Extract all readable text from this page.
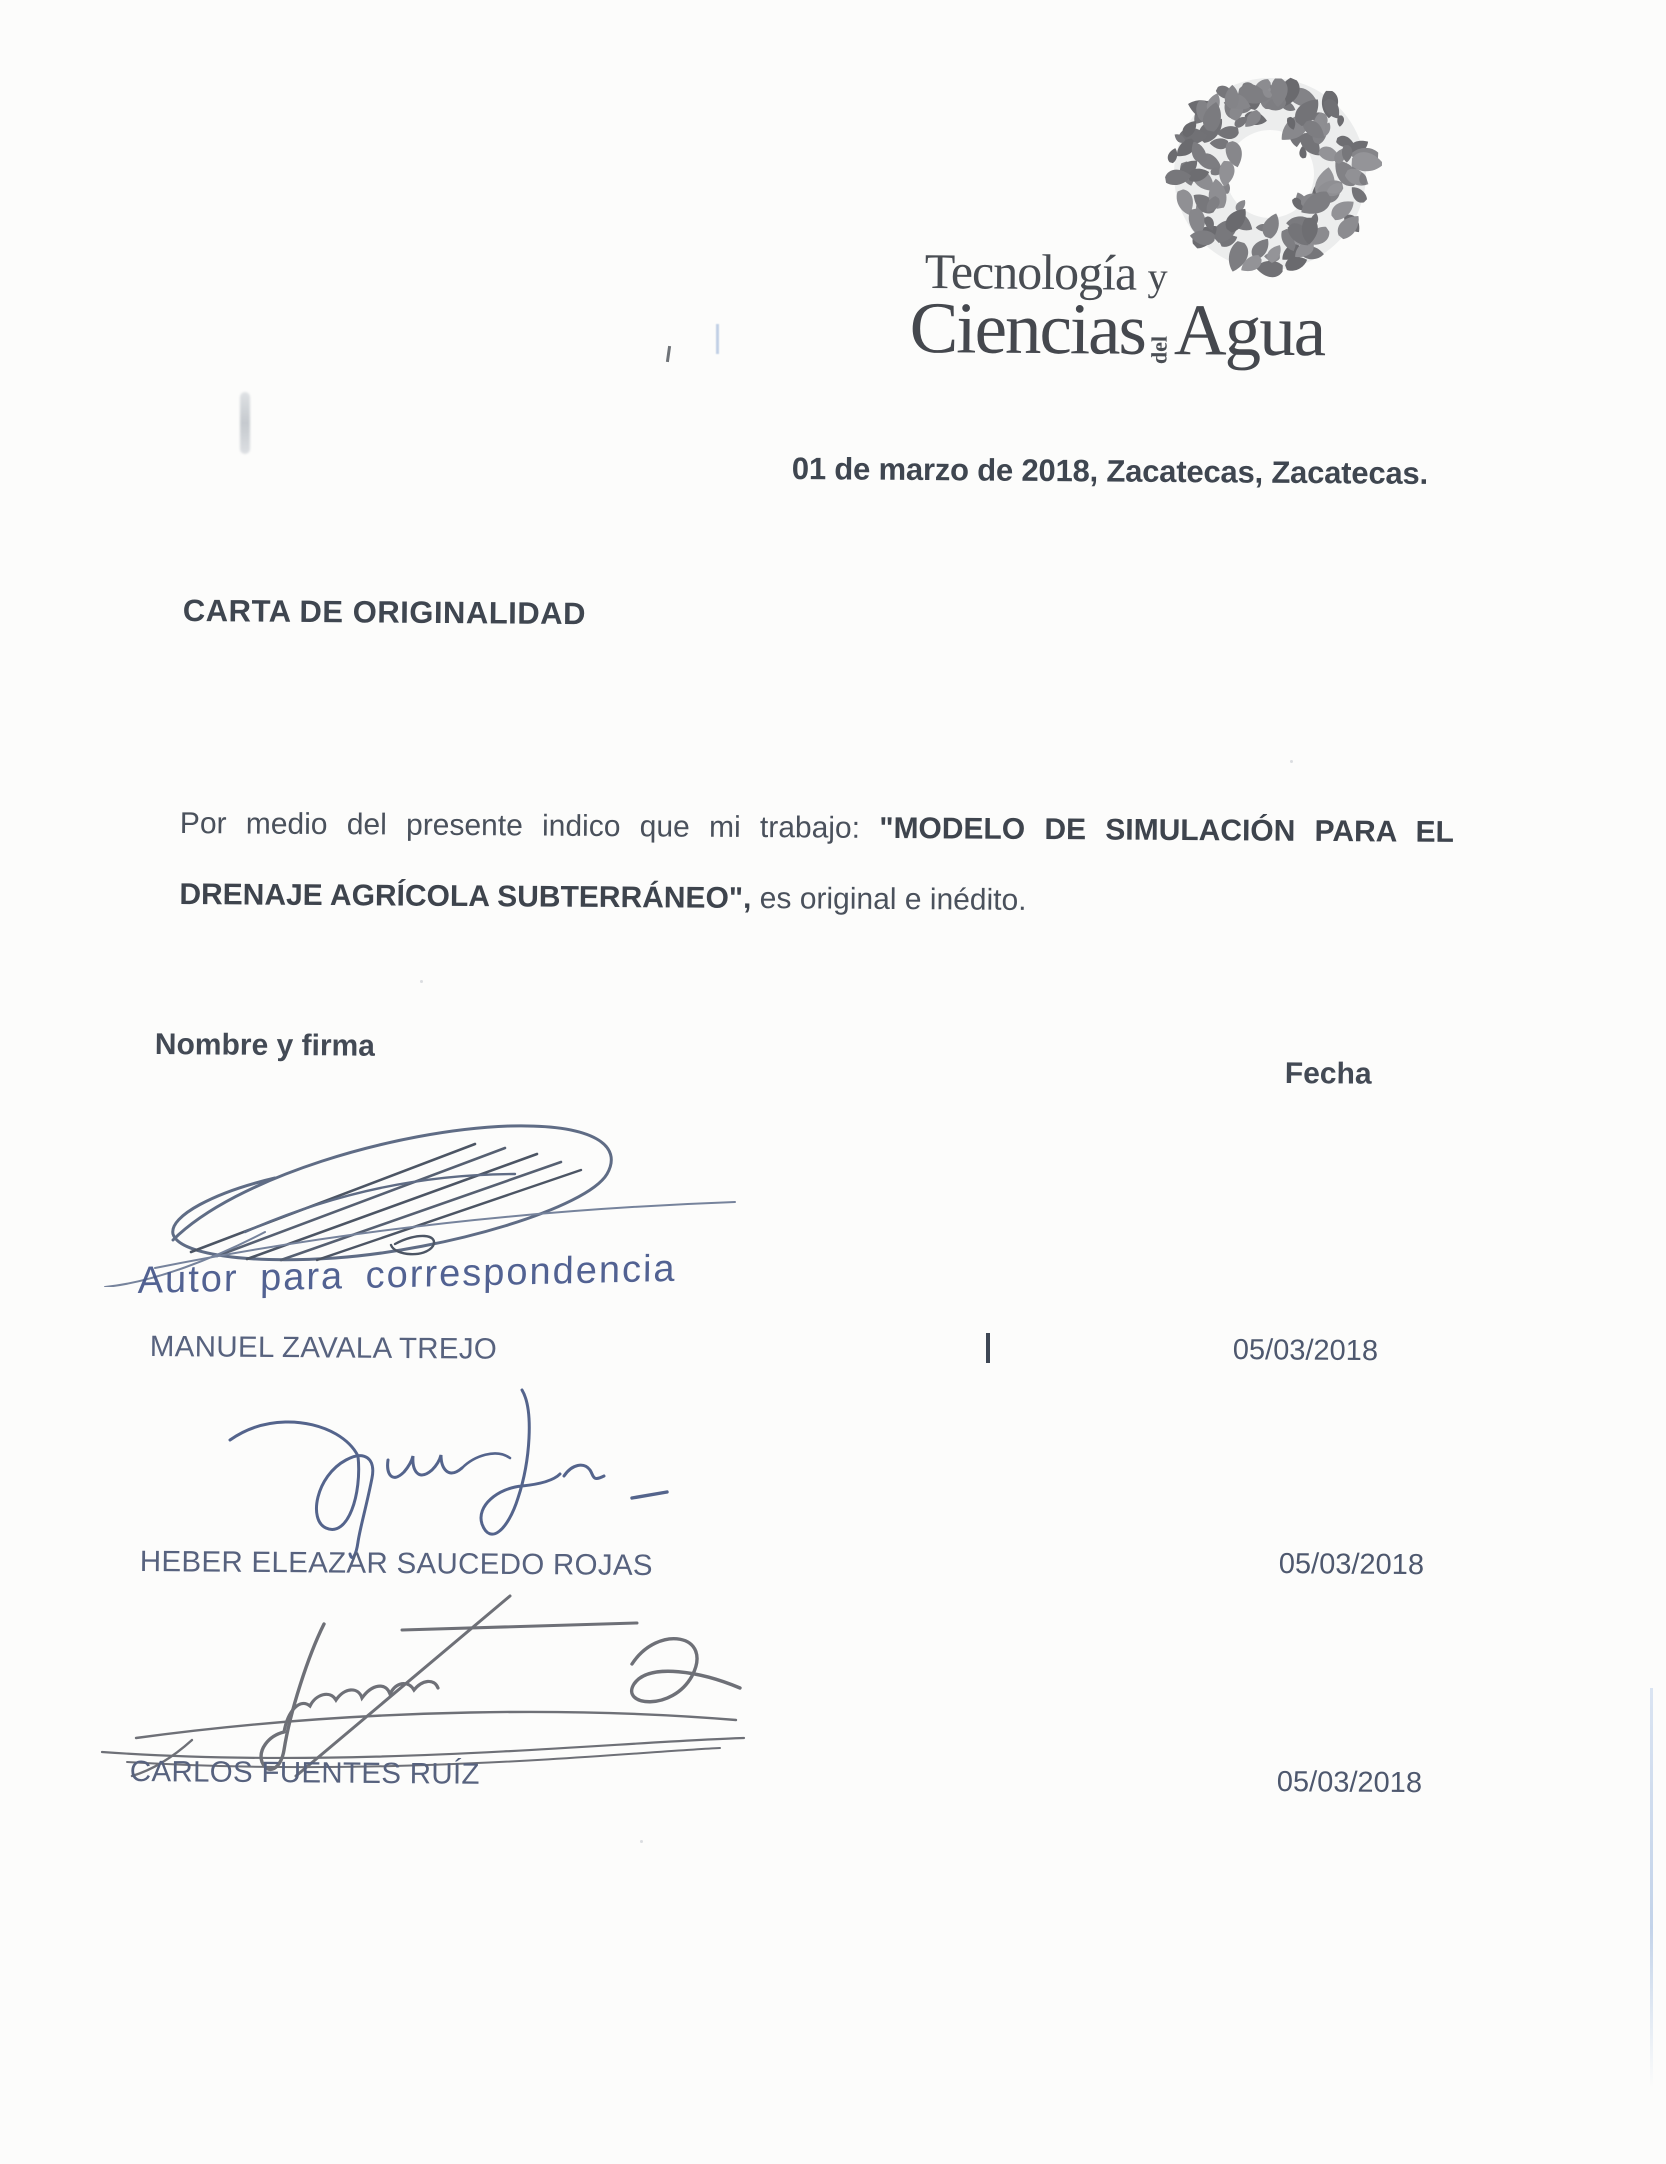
Tecnología y
Ciencias del Agua
01 de marzo de 2018, Zacatecas, Zacatecas.
CARTA DE ORIGINALIDAD
Por medio del presente indico que mi trabajo: "MODELO DE SIMULACIÓN PARA EL
DRENAJE AGRÍCOLA SUBTERRÁNEO", es original e inédito.
Nombre y firma
Fecha
Autor para correspondencia
MANUEL ZAVALA TREJO	05/03/2018
HEBER ELEAZAR SAUCEDO ROJAS	05/03/2018
CARLOS FUENTES RUÍZ	05/03/2018
